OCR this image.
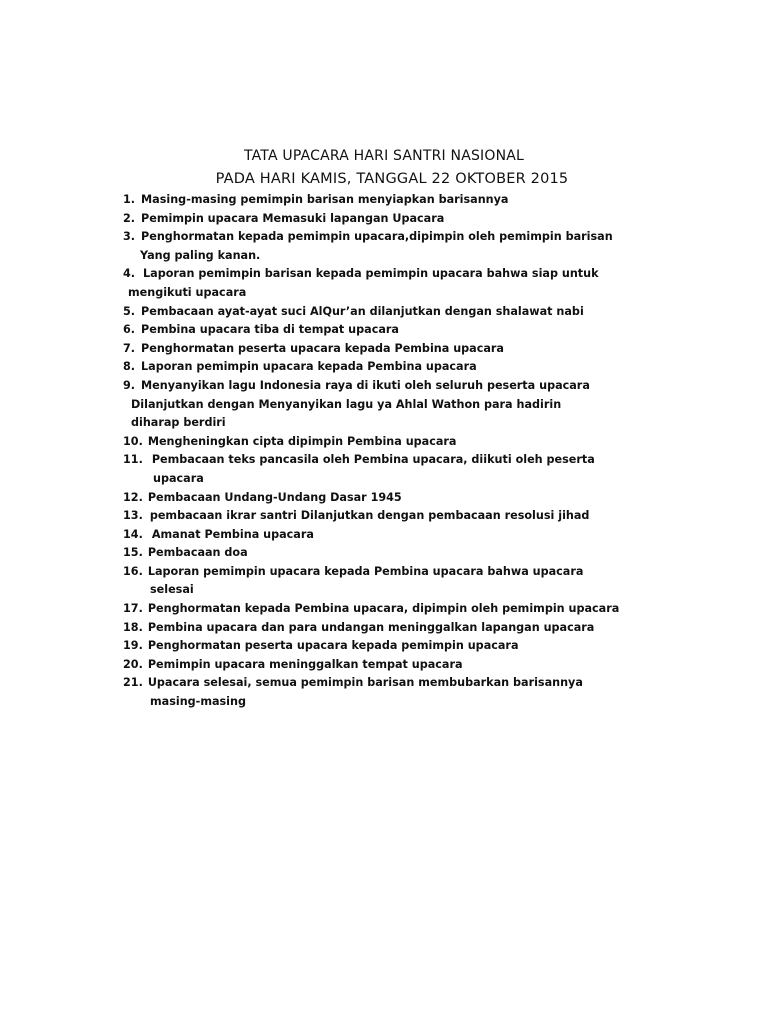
TATA UPACARA HARI SANTRI NASIONAL
PADA HARI KAMIS, TANGGAL 22 OKTOBER 2015
1. Masing-masing pemimpin barisan menyiapkan barisannya
2. Pemimpin upacara Memasuki lapangan Upacara
3. Penghormatan kepada pemimpin upacara,dipimpin oleh pemimpin barisan
Yang paling kanan.
4. Laporan pemimpin barisan kepada pemimpin upacara bahwa siap untuk
mengikuti upacara
5. Pembacaan ayat-ayat suci AlQur’an dilanjutkan dengan shalawat nabi
6. Pembina upacara tiba di tempat upacara
7. Penghormatan peserta upacara kepada Pembina upacara
8. Laporan pemimpin upacara kepada Pembina upacara
9. Menyanyikan lagu Indonesia raya di ikuti oleh seluruh peserta upacara
Dilanjutkan dengan Menyanyikan lagu ya Ahlal Wathon para hadirin
diharap berdiri
10. Mengheningkan cipta dipimpin Pembina upacara
11. Pembacaan teks pancasila oleh Pembina upacara, diikuti oleh peserta
upacara
12. Pembacaan Undang-Undang Dasar 1945
13. pembacaan ikrar santri Dilanjutkan dengan pembacaan resolusi jihad
14. Amanat Pembina upacara
15. Pembacaan doa
16. Laporan pemimpin upacara kepada Pembina upacara bahwa upacara
selesai
17. Penghormatan kepada Pembina upacara, dipimpin oleh pemimpin upacara
18. Pembina upacara dan para undangan meninggalkan lapangan upacara
19. Penghormatan peserta upacara kepada pemimpin upacara
20. Pemimpin upacara meninggalkan tempat upacara
21. Upacara selesai, semua pemimpin barisan membubarkan barisannya
masing-masing
